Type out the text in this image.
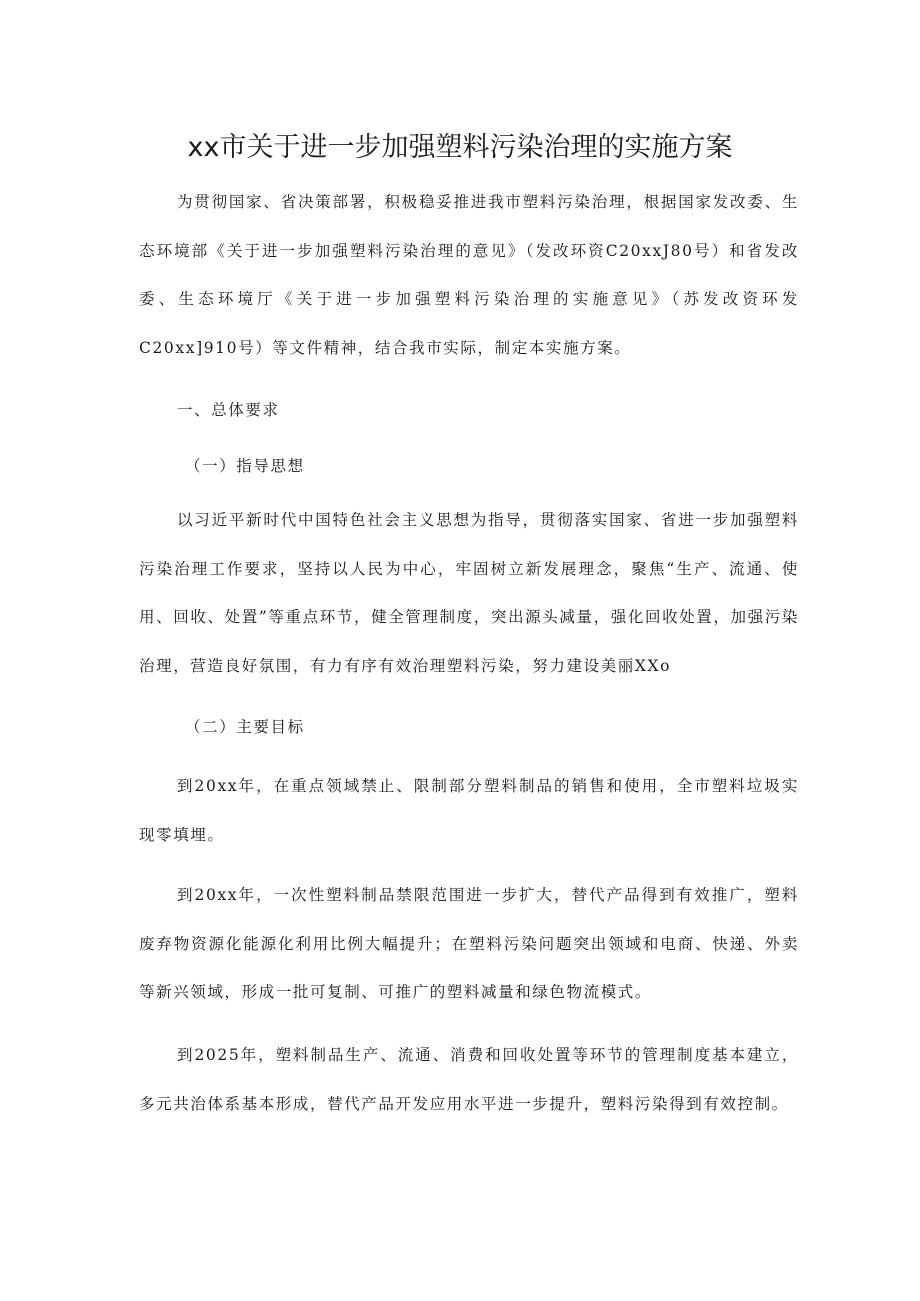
xx市关于进一步加强塑料污染治理的实施方案

为贯彻国家、省决策部署，积极稳妥推进我市塑料污染治理，根据国家发改委、生态环境部《关于进一步加强塑料污染治理的意见》（发改环资C20xxJ80号）和省发改委、生态环境厅《关于进一步加强塑料污染治理的实施意见》（苏发改资环发C20xx]910号）等文件精神，结合我市实际，制定本实施方案。

一、总体要求

（一）指导思想

以习近平新时代中国特色社会主义思想为指导，贯彻落实国家、省进一步加强塑料污染治理工作要求，坚持以人民为中心，牢固树立新发展理念，聚焦“生产、流通、使用、回收、处置”等重点环节，健全管理制度，突出源头减量，强化回收处置，加强污染治理，营造良好氛围，有力有序有效治理塑料污染，努力建设美丽XXo

（二）主要目标

到20xx年，在重点领域禁止、限制部分塑料制品的销售和使用，全市塑料垃圾实现零填埋。

到20xx年，一次性塑料制品禁限范围进一步扩大，替代产品得到有效推广，塑料废弃物资源化能源化利用比例大幅提升；在塑料污染问题突出领域和电商、快递、外卖等新兴领域，形成一批可复制、可推广的塑料减量和绿色物流模式。

到2025年，塑料制品生产、流通、消费和回收处置等环节的管理制度基本建立，多元共治体系基本形成，替代产品开发应用水平进一步提升，塑料污染得到有效控制。
